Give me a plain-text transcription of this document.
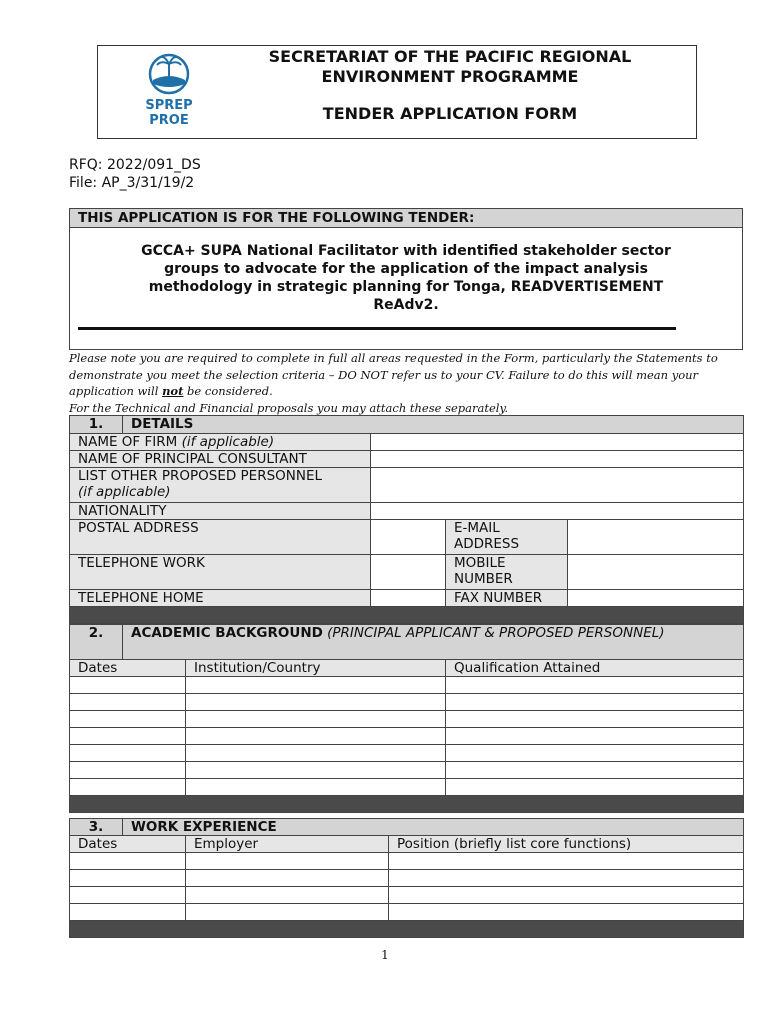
SPREP
PROE
SECRETARIAT OF THE PACIFIC REGIONAL
ENVIRONMENT PROGRAMME
TENDER APPLICATION FORM
RFQ: 2022/091_DS
File: AP_3/31/19/2
THIS APPLICATION IS FOR THE FOLLOWING TENDER:
GCCA+ SUPA National Facilitator with identified stakeholder sector
groups to advocate for the application of the impact analysis
methodology in strategic planning for Tonga, READVERTISEMENT
ReAdv2.
Please note you are required to complete in full all areas requested in the Form, particularly the Statements to demonstrate you meet the selection criteria – DO NOT refer us to your CV. Failure to do this will mean your application will not be considered.
For the Technical and Financial proposals you may attach these separately.
1.	DETAILS			
NAME OF FIRM (if applicable)				
NAME OF PRINCIPAL CONSULTANT				

LIST OTHER PROPOSED PERSONNEL
(if applicable)				

NATIONALITY				
POSTAL ADDRESS			E-MAIL ADDRESS	
TELEPHONE WORK			MOBILE NUMBER	
TELEPHONE HOME			FAX NUMBER	

2.	ACADEMIC BACKGROUND (PRINCIPAL APPLICANT & PROPOSED PERSONNEL)		
Dates		Institution/Country	Qualification Attained

3.	WORK EXPERIENCE		
Dates		Employer	Position (briefly list core functions)

1
